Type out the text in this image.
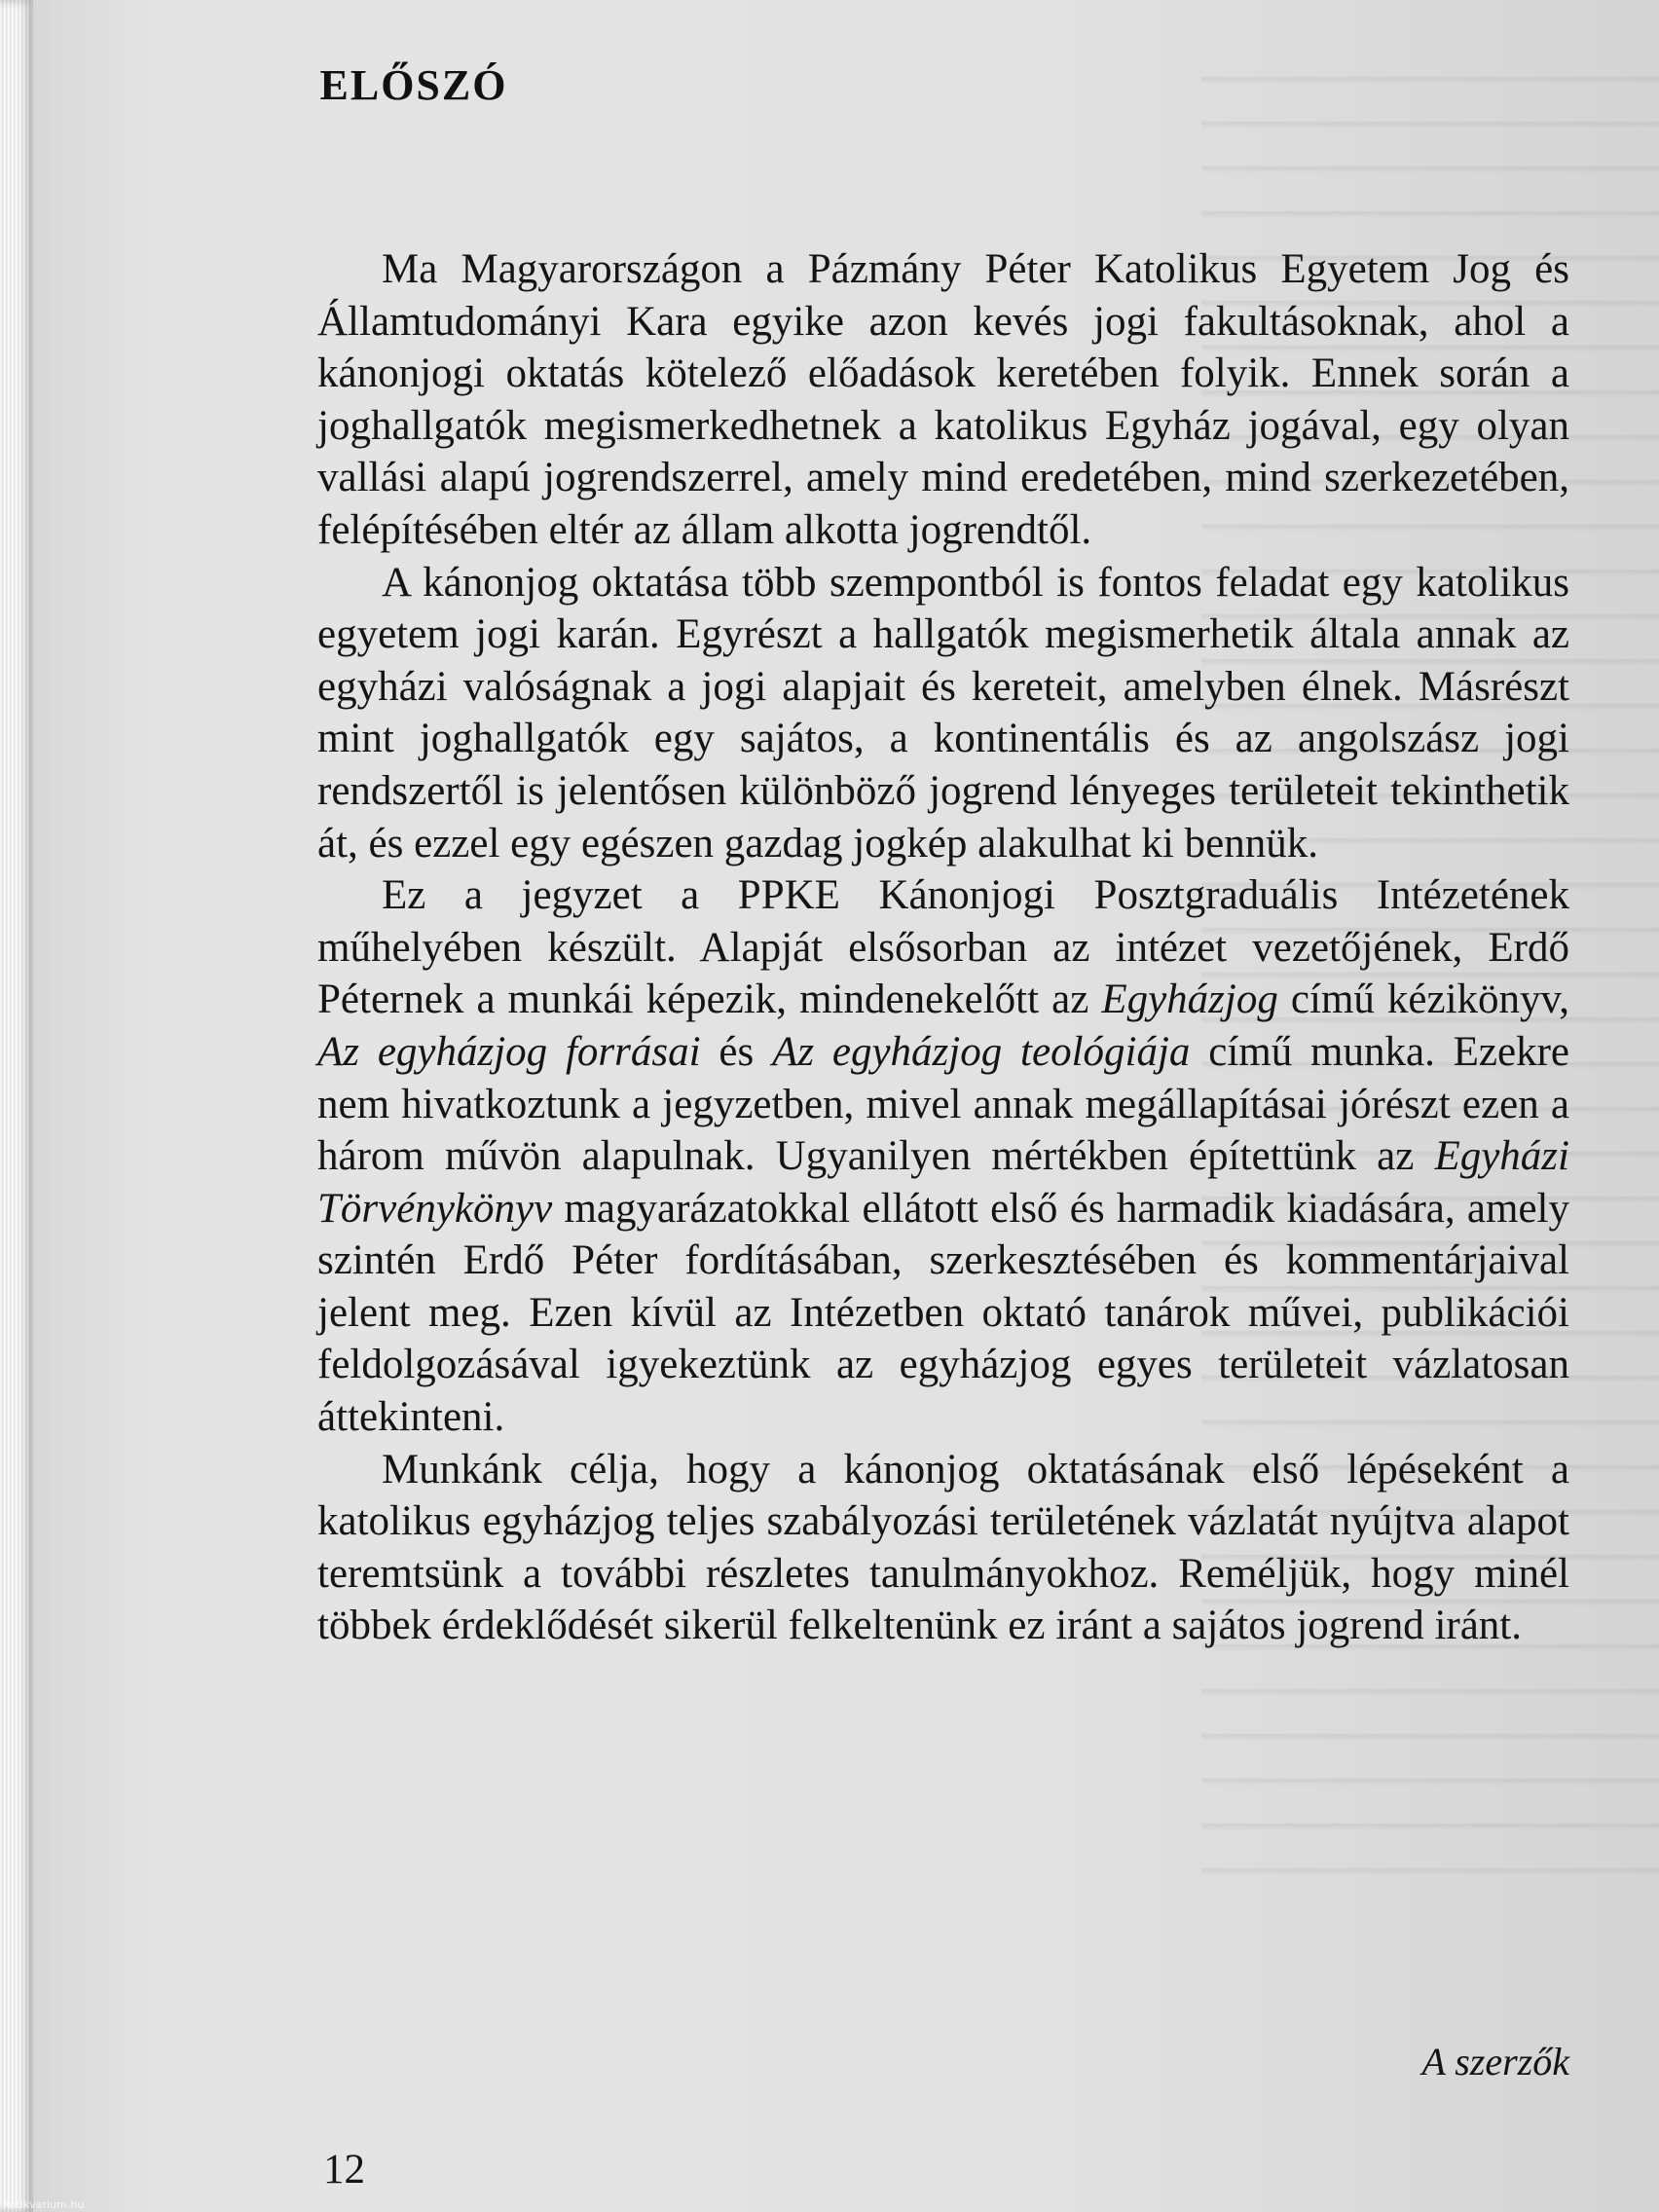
ELŐSZÓ

Ma Magyarországon a Pázmány Péter Katolikus Egyetem Jog és Államtudományi Kara egyike azon kevés jogi fakultásoknak, ahol a kánonjogi oktatás kötelező előadások keretében folyik. Ennek során a joghallgatók megismerkedhetnek a katolikus Egyház jogával, egy olyan vallási alapú jogrendszerrel, amely mind eredetében, mind szerkezetében, felépítésében eltér az állam alkotta jogrendtől.

A kánonjog oktatása több szempontból is fontos feladat egy katolikus egyetem jogi karán. Egyrészt a hallgatók megismerhetik általa annak az egyházi valóságnak a jogi alapjait és kereteit, amelyben élnek. Másrészt mint joghallgatók egy sajátos, a kontinentális és az angolszász jogi rendszertől is jelentősen különböző jogrend lényeges területeit tekinthetik át, és ezzel egy egészen gazdag jogkép alakulhat ki bennük.

Ez a jegyzet a PPKE Kánonjogi Posztgraduális Intézetének műhelyében készült. Alapját elsősorban az intézet vezetőjének, Erdő Péternek a munkái képezik, mindenekelőtt az Egyházjog című kézikönyv, Az egyházjog forrásai és Az egyházjog teológiája című munka. Ezekre nem hivatkoztunk a jegyzetben, mivel annak megállapításai jórészt ezen a három művön alapulnak. Ugyanilyen mértékben építettünk az Egyházi Törvénykönyv magyarázatokkal ellátott első és harmadik kiadására, amely szintén Erdő Péter fordításában, szerkesztésében és kommentárjaival jelent meg. Ezen kívül az Intézetben oktató tanárok művei, publikációi feldolgozásával igyekeztünk az egyházjog egyes területeit vázlatosan áttekinteni.

Munkánk célja, hogy a kánonjog oktatásának első lépéseként a katolikus egyházjog teljes szabályozási területének vázlatát nyújtva alapot teremtsünk a további részletes tanulmányokhoz. Reméljük, hogy minél többek érdeklődését sikerül felkeltenünk ez iránt a sajátos jogrend iránt.

A szerzők
12
Antikvarium.hu
